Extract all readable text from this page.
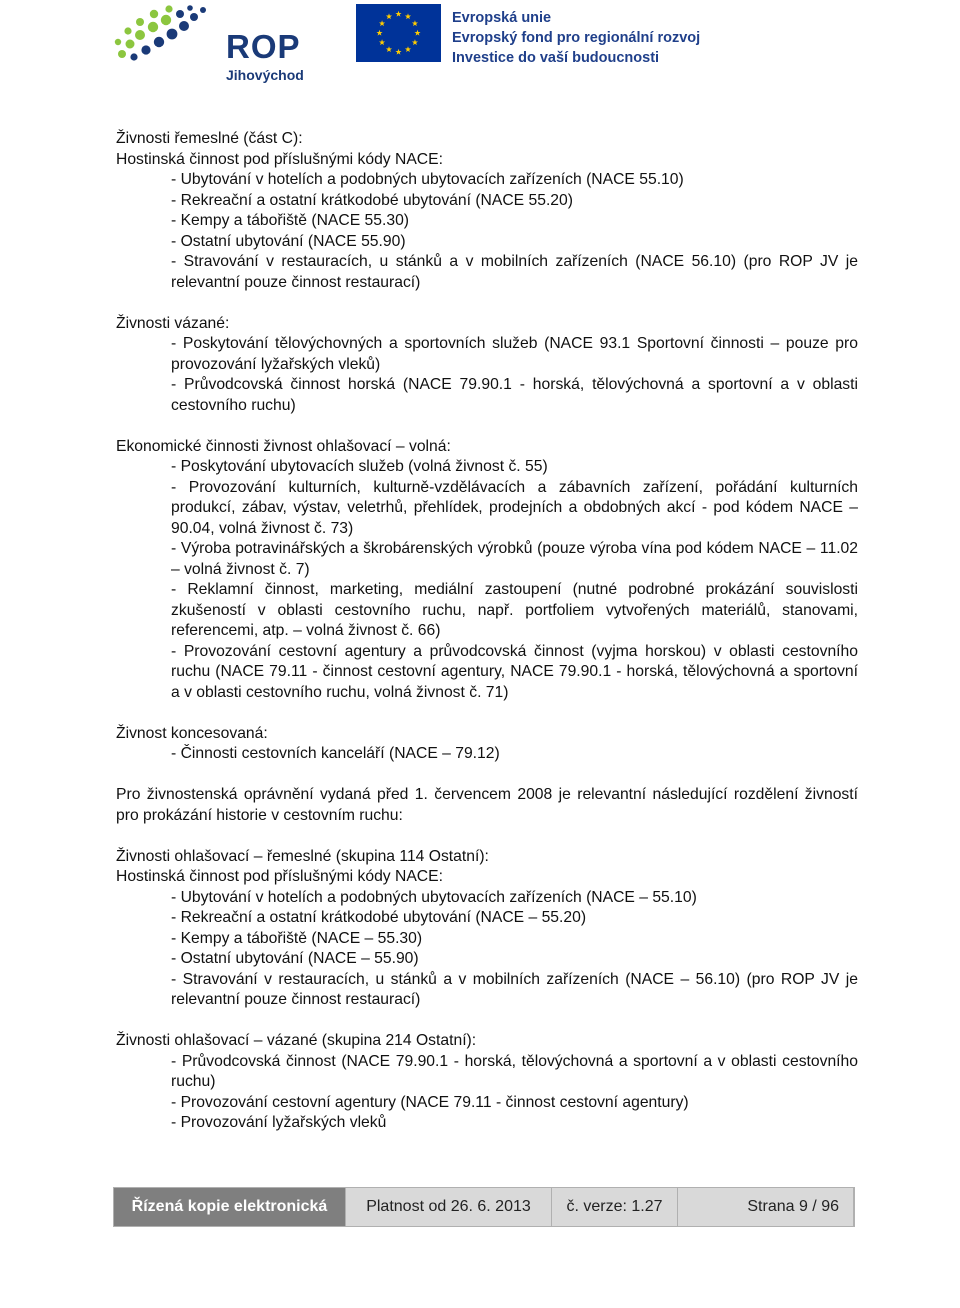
ROP
Jihovýchod
Evropská unie
Evropský fond pro regionální rozvoj
Investice do vaší budoucnosti
Živnosti řemeslné (část C):
Hostinská činnost pod příslušnými kódy NACE:
- Ubytování v hotelích a podobných ubytovacích zařízeních (NACE 55.10)
- Rekreační a ostatní krátkodobé ubytování (NACE 55.20)
- Kempy a tábořiště (NACE 55.30)
- Ostatní ubytování (NACE 55.90)
- Stravování v restauracích, u stánků a v mobilních zařízeních (NACE 56.10) (pro ROP JV je relevantní pouze činnost restaurací)
Živnosti vázané:
- Poskytování tělovýchovných a sportovních služeb (NACE 93.1 Sportovní činnosti – pouze pro provozování lyžařských vleků)
- Průvodcovská činnost horská (NACE 79.90.1 - horská, tělovýchovná a sportovní a v oblasti cestovního ruchu)
Ekonomické činnosti živnost ohlašovací – volná:
- Poskytování ubytovacích služeb (volná živnost č. 55)
- Provozování kulturních, kulturně-vzdělávacích a zábavních zařízení, pořádání kulturních produkcí, zábav, výstav, veletrhů, přehlídek, prodejních a obdobných akcí - pod kódem NACE – 90.04, volná živnost č. 73)
- Výroba potravinářských a škrobárenských výrobků (pouze výroba vína pod kódem NACE – 11.02 – volná živnost č. 7)
- Reklamní činnost, marketing, mediální zastoupení (nutné podrobné prokázání souvislosti zkušeností v oblasti cestovního ruchu, např. portfoliem vytvořených materiálů, stanovami, referencemi, atp. – volná živnost č. 66)
- Provozování cestovní agentury a průvodcovská činnost (vyjma horskou) v oblasti cestovního ruchu (NACE 79.11 - činnost cestovní agentury, NACE 79.90.1 - horská, tělovýchovná a sportovní a v oblasti cestovního ruchu, volná živnost č. 71)
Živnost koncesovaná:
- Činnosti cestovních kanceláří (NACE – 79.12)
Pro živnostenská oprávnění vydaná před 1. červencem 2008 je relevantní následující rozdělení živností pro prokázání historie v cestovním ruchu:
Živnosti ohlašovací – řemeslné (skupina 114 Ostatní):
Hostinská činnost pod příslušnými kódy NACE:
- Ubytování v hotelích a podobných ubytovacích zařízeních (NACE – 55.10)
- Rekreační a ostatní krátkodobé ubytování (NACE – 55.20)
- Kempy a tábořiště (NACE – 55.30)
- Ostatní ubytování (NACE – 55.90)
- Stravování v restauracích, u stánků a v mobilních zařízeních (NACE – 56.10) (pro ROP JV je relevantní pouze činnost restaurací)
Živnosti ohlašovací – vázané (skupina 214 Ostatní):
- Průvodcovská činnost (NACE 79.90.1 - horská, tělovýchovná a sportovní a v oblasti cestovního ruchu)
- Provozování cestovní agentury (NACE 79.11 - činnost cestovní agentury)
- Provozování lyžařských vleků
Řízená kopie elektronická	Platnost od 26. 6. 2013	č. verze: 1.27	Strana 9 / 96
